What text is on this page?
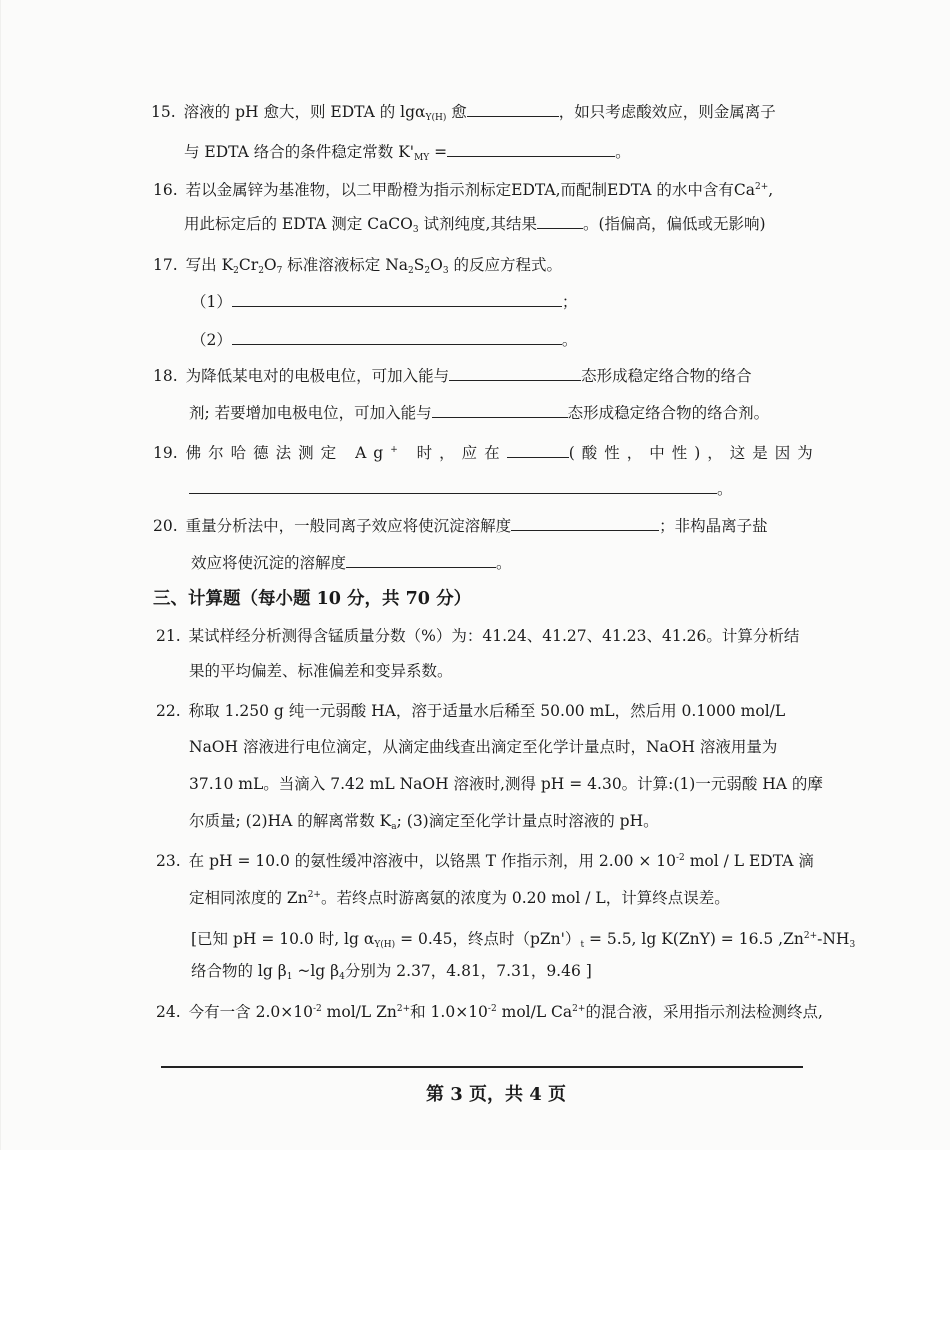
15. 溶液的 pH 愈大，则 EDTA 的 lgα$_{Y(H)}$ 愈	，如只考虑酸效应，则金属离子
与 EDTA 络合的条件稳定常数 $K'_{MY}$ =	。
16. 若以金属锌为基准物，以二甲酚橙为指示剂标定EDTA,而配制EDTA 的水中含有$Ca^{2+}$,
用此标定后的 EDTA 测定 CaCO$_3$ 试剂纯度,其结果	。(指偏高，偏低或无影响)
17. 写出 $K_2Cr_2O_7$ 标准溶液标定 $Na_2S_2O_3$ 的反应方程式。
（1）	；
（2）	。
18. 为降低某电对的电极电位，可加入能与	态形成稳定络合物的络合
剂; 若要增加电极电位，可加入能与	态形成稳定络合物的络合剂。
19. 佛尔哈德法测定 Ag+ 时，应在	(酸性，中性)，这是因为
。
20. 重量分析法中，一般同离子效应将使沉淀溶解度	；非构晶离子盐
效应将使沉淀的溶解度	。
三、计算题（每小题 10 分，共 70 分）
21. 某试样经分析测得含锰质量分数（%）为：41.24、41.27、41.23、41.26。计算分析结
果的平均偏差、标准偏差和变异系数。
22. 称取 1.250 g 纯一元弱酸 HA，溶于适量水后稀至 50.00 mL，然后用 0.1000 mol/L
NaOH 溶液进行电位滴定，从滴定曲线查出滴定至化学计量点时，NaOH 溶液用量为
37.10 mL。当滴入 7.42 mL NaOH 溶液时,测得 pH = 4.30。计算:(1)一元弱酸 HA 的摩
尔质量; (2)HA 的解离常数 $K_a$; (3)滴定至化学计量点时溶液的 pH。
23. 在 pH = 10.0 的氨性缓冲溶液中，以铬黑 T 作指示剂，用 $2.00 \times 10^{-2}$ mol / L EDTA 滴
定相同浓度的 $Zn^{2+}$。若终点时游离氨的浓度为 0.20 mol / L，计算终点误差。
[已知 pH = 10.0 时, $\lg \alpha_{Y(H)} = 0.45$，终点时$(pZn')_t = 5.5$, lg K(ZnY) = 16.5 $,Zn^{2+}-NH_3$
络合物的 $\lg \beta_1$ ~lg $\beta_4$分别为 2.37，4.81，7.31，9.46 ]
24. 今有一含 $2.0\times 10^{-2}$ mol/L $Zn^{2+}$和 $1.0\times 10^{-2}$ mol/L $Ca^{2+}$的混合液，采用指示剂法检测终点,
第 3 页，共 4 页
